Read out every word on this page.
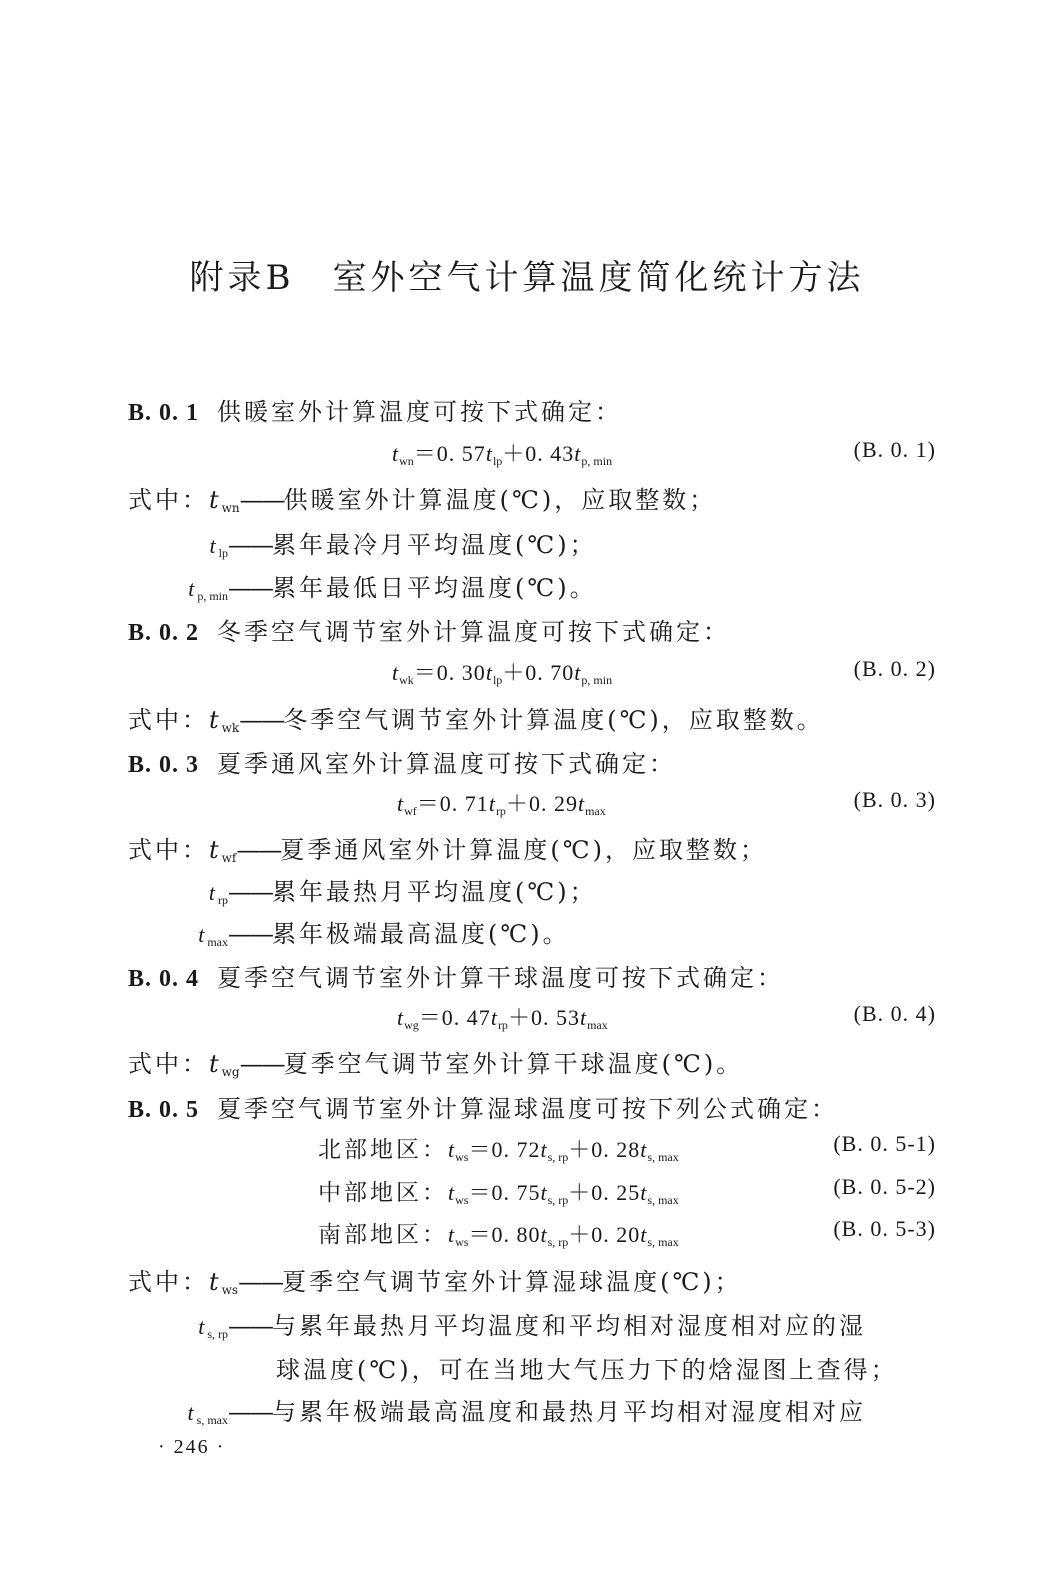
附录B　室外空气计算温度简化统计方法
B. 0. 1 供暖室外计算温度可按下式确定：
$t_{wn}=0$. $57t_{lp}+0$. $43t_{p, min}$	(B. 0. 1)
式中：$t_{wn}——$供暖室外计算温度(℃)，应取整数；
$t_{lp}——$累年最冷月平均温度(℃)；
$t_{p, min}——$累年最低日平均温度(℃)。
B. 0. 2 冬季空气调节室外计算温度可按下式确定：
$t_{wk}=0$. $30t_{lp}+0$. $70t_{p, min}$	(B. 0. 2)
式中：$t_{wk}——$冬季空气调节室外计算温度(℃)，应取整数。
B. 0. 3 夏季通风室外计算温度可按下式确定：
$t_{wf}=0$. $71t_{rp}+0$. $29t_{max}$	(B. 0. 3)
式中：$t_{wf}——$夏季通风室外计算温度(℃)，应取整数；
$t_{rp}——$累年最热月平均温度(℃)；
$t_{max}——$累年极端最高温度(℃)。
B. 0. 4 夏季空气调节室外计算干球温度可按下式确定：
$t_{wg}=0$. $47t_{rp}+0$. $53t_{max}$	(B. 0. 4)
式中：$t_{wg}——$夏季空气调节室外计算干球温度(℃)。
B. 0. 5 夏季空气调节室外计算湿球温度可按下列公式确定：
北部地区：$t_{ws}=0$. $72t_{s, rp}+0$. $28t_{s, max}$
(B. 0. 5-1)
中部地区：$t_{ws}=0$. $75t_{s, rp}+0$. $25t_{s, max}$
(B. 0. 5-2)
南部地区：$t_{ws}=0$. $80t_{s, rp}+0$. $20t_{s, max}$
(B. 0. 5-3)
式中：$t_{ws}——$夏季空气调节室外计算湿球温度(℃)；
$t_{s, rp}——$与累年最热月平均温度和平均相对湿度相对应的湿
球温度(℃)，可在当地大气压力下的焓湿图上查得；
$t_{s, max}——$与累年极端最高温度和最热月平均相对湿度相对应
· 246 ·
